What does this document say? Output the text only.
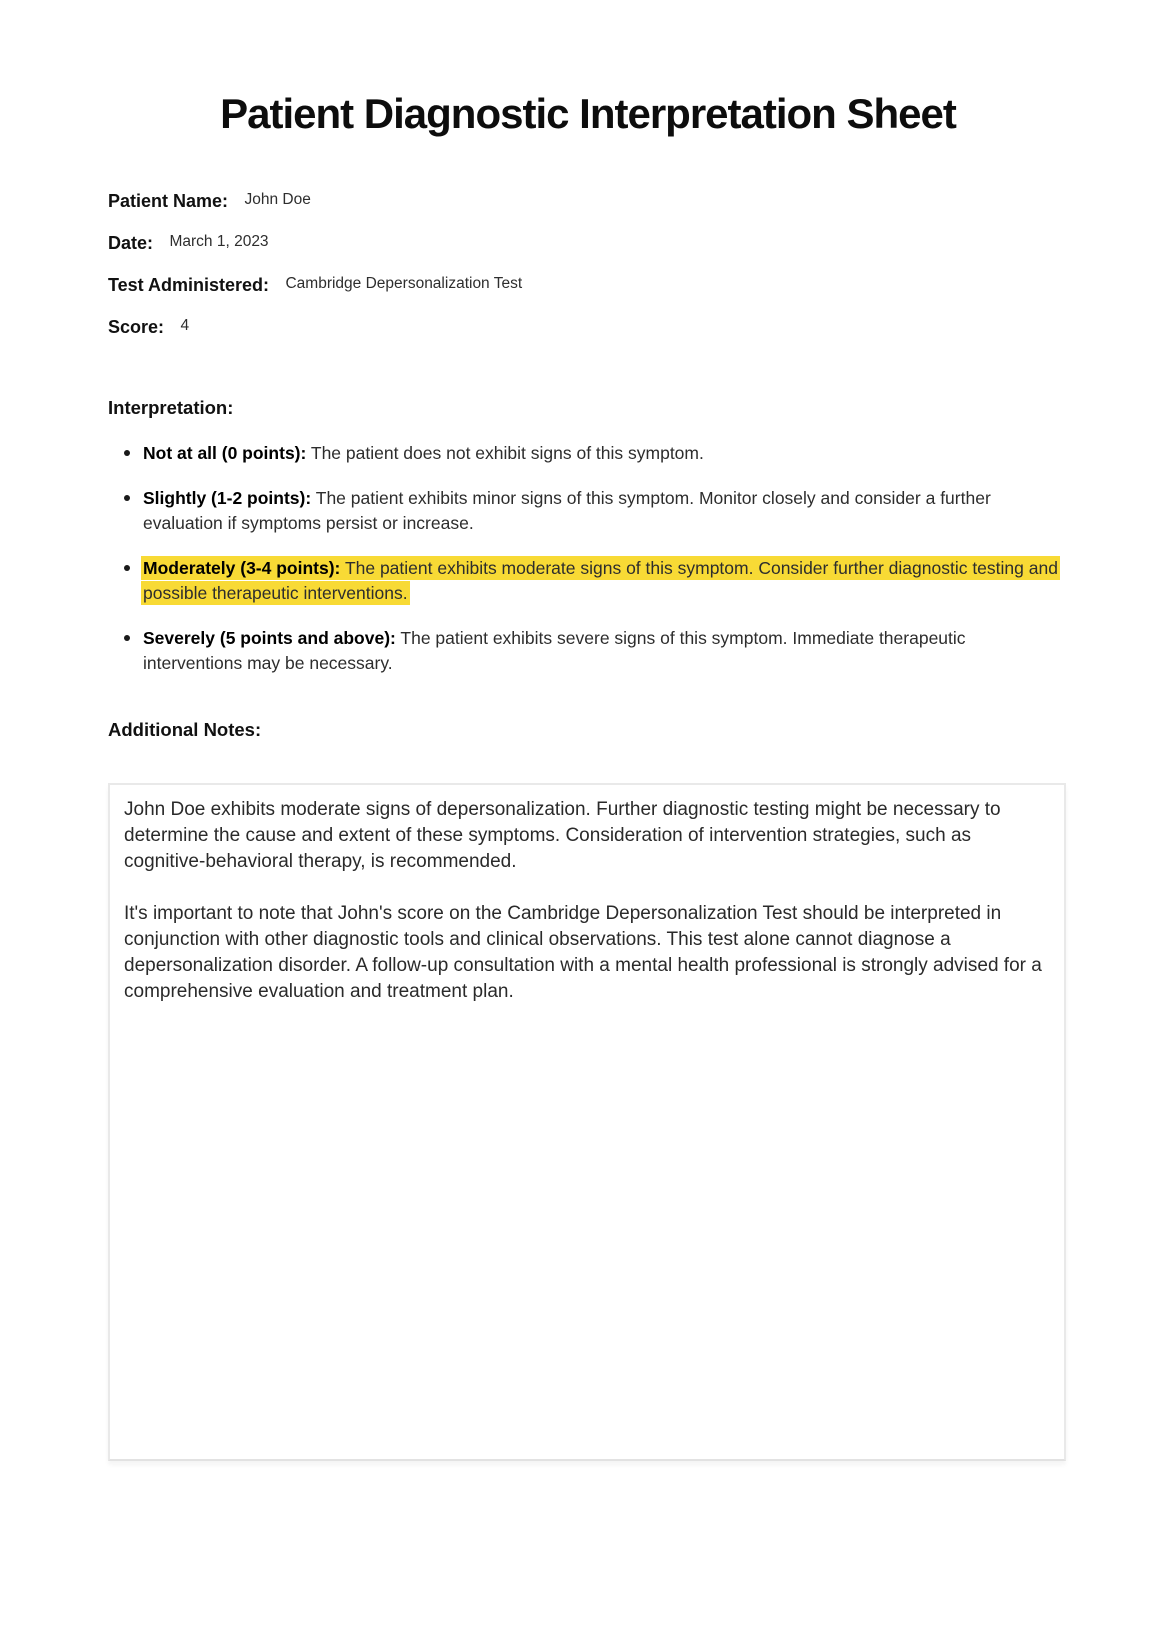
Patient Diagnostic Interpretation Sheet
Patient Name: John Doe
Date: March 1, 2023
Test Administered: Cambridge Depersonalization Test
Score: 4
Interpretation:
Not at all (0 points): The patient does not exhibit signs of this symptom.
Slightly (1-2 points): The patient exhibits minor signs of this symptom. Monitor closely and consider a further evaluation if symptoms persist or increase.
Moderately (3-4 points): The patient exhibits moderate signs of this symptom. Consider further diagnostic testing and possible therapeutic interventions.
Severely (5 points and above): The patient exhibits severe signs of this symptom. Immediate therapeutic interventions may be necessary.
Additional Notes:

John Doe exhibits moderate signs of depersonalization. Further diagnostic testing might be necessary to determine the cause and extent of these symptoms. Consideration of intervention strategies, such as cognitive-behavioral therapy, is recommended.

It's important to note that John's score on the Cambridge Depersonalization Test should be interpreted in conjunction with other diagnostic tools and clinical observations. This test alone cannot diagnose a depersonalization disorder. A follow-up consultation with a mental health professional is strongly advised for a comprehensive evaluation and treatment plan.
